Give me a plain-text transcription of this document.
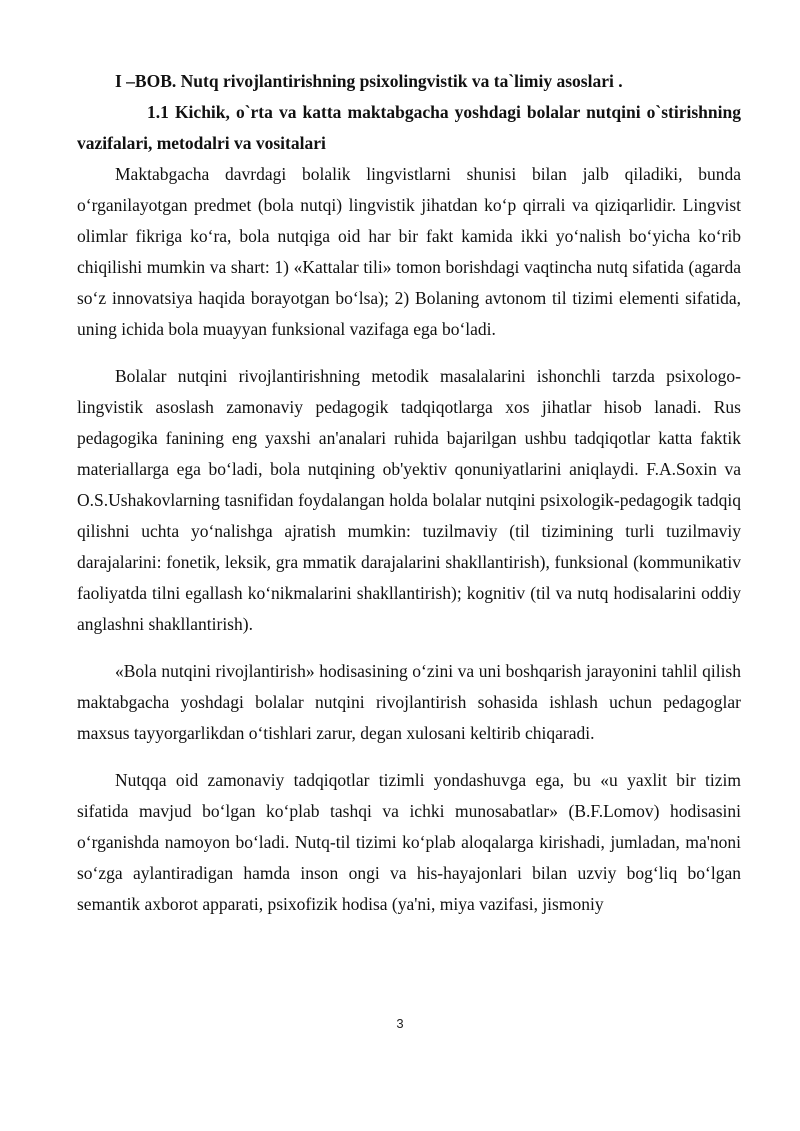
I –BOB. Nutq rivojlantirishning psixolingvistik va ta`limiy asoslari .

1.1 Kichik, o`rta va katta maktabgacha yoshdagi bolalar nutqini o`stirishning vazifalari, metodalri va vositalari

Maktabgacha davrdagi bolalik lingvistlarni shunisi bilan jalb qiladiki, bunda o‘rganilayotgan predmet (bola nutqi) lingvistik jihatdan ko‘p qirrali va qiziqarlidir. Lingvist olimlar fikriga ko‘ra, bola nutqiga oid har bir fakt kamida ikki yo‘nalish bo‘yicha ko‘rib chiqilishi mumkin va shart: 1) «Kattalar tili» tomon borishdagi vaqtincha nutq sifatida (agarda so‘z innovatsiya haqida borayotgan bo‘lsa); 2) Bolaning avtonom til tizimi elementi sifatida, uning ichida bola muayyan funksional vazifaga ega bo‘ladi.

Bolalar nutqini rivojlantirishning metodik masalalarini ishonchli tarzda psixologo-lingvistik asoslash zamonaviy pedagogik tadqiqotlarga xos jihatlar hisob lanadi. Rus pedagogika fanining eng yaxshi an'analari ruhida bajarilgan ushbu tadqiqotlar katta faktik materiallarga ega bo‘ladi, bola nutqining ob'yektiv qonuniyatlarini aniqlaydi. F.A.Soxin va O.S.Ushakovlarning tasnifidan foydalangan holda bolalar nutqini psixologik-pedagogik tadqiq qilishni uchta yo‘nalishga ajratish mumkin: tuzilmaviy (til tizimining turli tuzilmaviy darajalarini: fonetik, leksik, gra mmatik darajalarini shakllantirish), funksional (kommunikativ faoliyatda tilni egallash ko‘nikmalarini shakllantirish); kognitiv (til va nutq hodisalarini oddiy anglashni shakllantirish).

«Bola nutqini rivojlantirish» hodisasining o‘zini va uni boshqarish jarayonini tahlil qilish maktabgacha yoshdagi bolalar nutqini rivojlantirish sohasida ishlash uchun pedagoglar maxsus tayyorgarlikdan o‘tishlari zarur, degan xulosani keltirib chiqaradi.

Nutqqa oid zamonaviy tadqiqotlar tizimli yondashuvga ega, bu «u yaxlit bir tizim sifatida mavjud bo‘lgan ko‘plab tashqi va ichki munosabatlar» (B.F.Lomov) hodisasini o‘rganishda namoyon bo‘ladi. Nutq-til tizimi ko‘plab aloqalarga kirishadi, jumladan, ma'noni so‘zga aylantiradigan hamda inson ongi va his-hayajonlari bilan uzviy bog‘liq bo‘lgan semantik axborot apparati, psixofizik hodisa (ya'ni, miya vazifasi, jismoniy

3
